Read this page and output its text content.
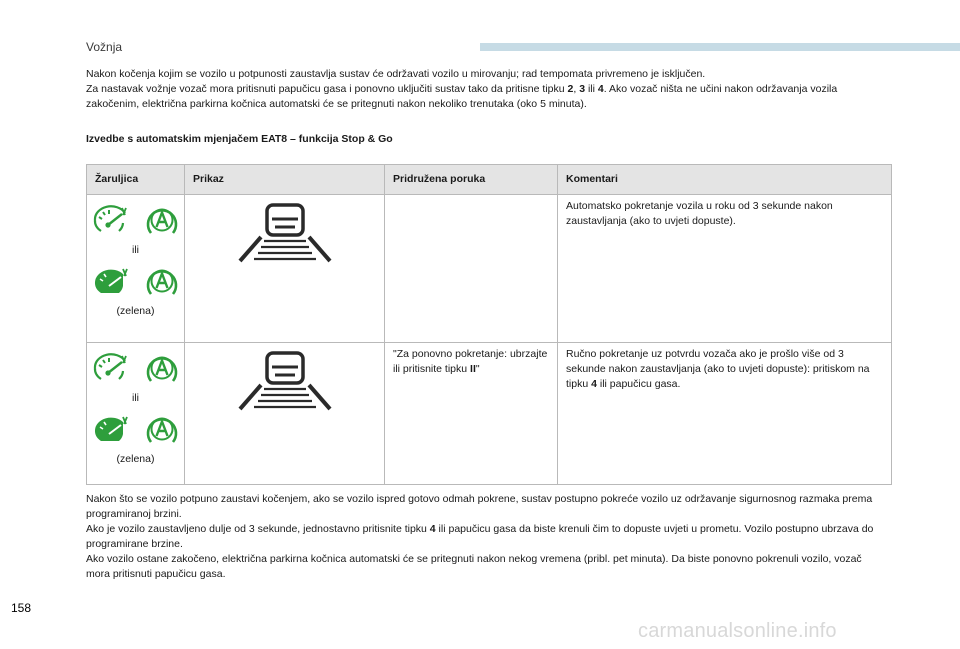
Vožnja

Nakon kočenja kojim se vozilo u potpunosti zaustavlja sustav će održavati vozilo u mirovanju; rad tempomata privremeno je isključen.
Za nastavak vožnje vozač mora pritisnuti papučicu gasa i ponovno uključiti sustav tako da pritisne tipku 2, 3 ili 4. Ako vozač ništa ne učini nakon održavanja vozila zakočenim, električna parkirna kočnica automatski će se pritegnuti nakon nekoliko trenutaka (oko 5 minuta).

Izvedbe s automatskim mjenjačem EAT8 – funkcija Stop & Go

Žaruljica	Prikaz	Pridružena poruka	Komentari

ili
(zelena)			Automatsko pokretanje vozila u roku od 3 sekunde nakon zaustavljanja (ako to uvjeti dopuste).

ili
(zelena)		"Za ponovno pokretanje: ubrzajte ili pritisnite tipku II"	Ručno pokretanje uz potvrdu vozača ako je prošlo više od 3 sekunde nakon zaustavljanja (ako to uvjeti dopuste): pritiskom na tipku 4 ili papučicu gasa.

Nakon što se vozilo potpuno zaustavi kočenjem, ako se vozilo ispred gotovo odmah pokrene, sustav postupno pokreće vozilo uz održavanje sigurnosnog razmaka prema programiranoj brzini.
Ako je vozilo zaustavljeno dulje od 3 sekunde, jednostavno pritisnite tipku 4 ili papučicu gasa da biste krenuli čim to dopuste uvjeti u prometu. Vozilo postupno ubrzava do programirane brzine.
Ako vozilo ostane zakočeno, električna parkirna kočnica automatski će se pritegnuti nakon nekog vremena (pribl. pet minuta). Da biste ponovno pokrenuli vozilo, vozač mora pritisnuti papučicu gasa.

158
carmanualsonline.info
